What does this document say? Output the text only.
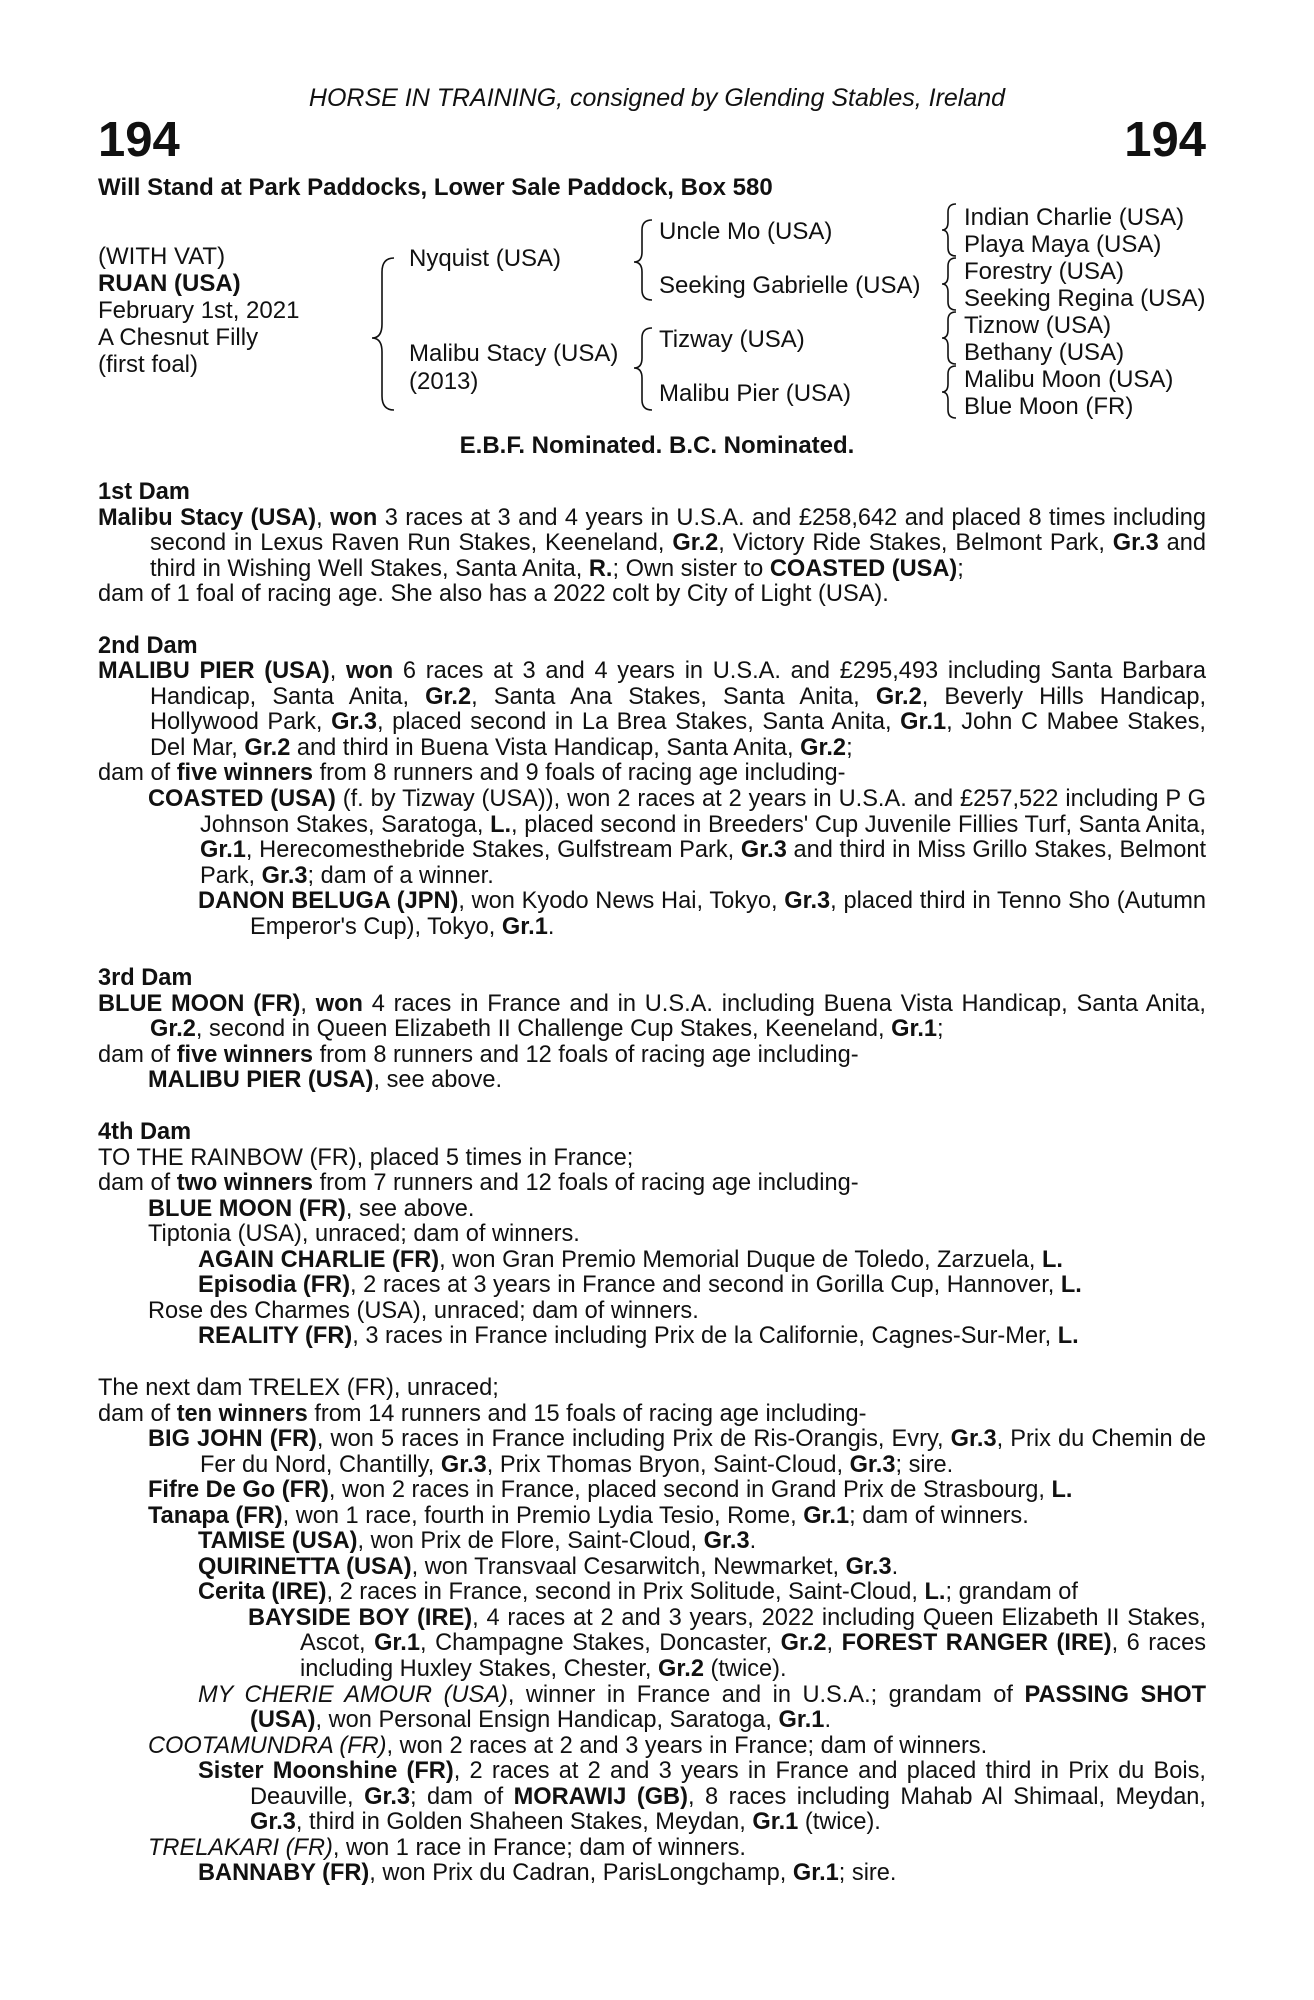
HORSE IN TRAINING, consigned by Glending Stables, Ireland
194	194
Will Stand at Park Paddocks, Lower Sale Paddock, Box 580
(WITH VAT)
RUAN (USA)
February 1st, 2021
A Chesnut Filly
(first foal)
Nyquist (USA)
Malibu Stacy (USA)
(2013)
Uncle Mo (USA)
Seeking Gabrielle (USA)
Tizway (USA)
Malibu Pier (USA)
Indian Charlie (USA)
Playa Maya (USA)
Forestry (USA)
Seeking Regina (USA)
Tiznow (USA)
Bethany (USA)
Malibu Moon (USA)
Blue Moon (FR)
E.B.F. Nominated. B.C. Nominated.
1st Dam
Malibu Stacy (USA), won 3 races at 3 and 4 years in U.S.A. and £258,642 and placed 8 times including second in Lexus Raven Run Stakes, Keeneland, Gr.2, Victory Ride Stakes, Belmont Park, Gr.3 and third in Wishing Well Stakes, Santa Anita, R.; Own sister to COASTED (USA);
dam of 1 foal of racing age. She also has a 2022 colt by City of Light (USA).
2nd Dam
MALIBU PIER (USA), won 6 races at 3 and 4 years in U.S.A. and £295,493 including Santa Barbara Handicap, Santa Anita, Gr.2, Santa Ana Stakes, Santa Anita, Gr.2, Beverly Hills Handicap, Hollywood Park, Gr.3, placed second in La Brea Stakes, Santa Anita, Gr.1, John C Mabee Stakes, Del Mar, Gr.2 and third in Buena Vista Handicap, Santa Anita, Gr.2;
dam of five winners from 8 runners and 9 foals of racing age including-
COASTED (USA) (f. by Tizway (USA)), won 2 races at 2 years in U.S.A. and £257,522 including P G Johnson Stakes, Saratoga, L., placed second in Breeders' Cup Juvenile Fillies Turf, Santa Anita, Gr.1, Herecomesthebride Stakes, Gulfstream Park, Gr.3 and third in Miss Grillo Stakes, Belmont Park, Gr.3; dam of a winner.
DANON BELUGA (JPN), won Kyodo News Hai, Tokyo, Gr.3, placed third in Tenno Sho (Autumn Emperor's Cup), Tokyo, Gr.1.
3rd Dam
BLUE MOON (FR), won 4 races in France and in U.S.A. including Buena Vista Handicap, Santa Anita, Gr.2, second in Queen Elizabeth II Challenge Cup Stakes, Keeneland, Gr.1;
dam of five winners from 8 runners and 12 foals of racing age including-
MALIBU PIER (USA), see above.
4th Dam
TO THE RAINBOW (FR), placed 5 times in France;
dam of two winners from 7 runners and 12 foals of racing age including-
BLUE MOON (FR), see above.
Tiptonia (USA), unraced; dam of winners.
AGAIN CHARLIE (FR), won Gran Premio Memorial Duque de Toledo, Zarzuela, L.
Episodia (FR), 2 races at 3 years in France and second in Gorilla Cup, Hannover, L.
Rose des Charmes (USA), unraced; dam of winners.
REALITY (FR), 3 races in France including Prix de la Californie, Cagnes-Sur-Mer, L.
The next dam TRELEX (FR), unraced;
dam of ten winners from 14 runners and 15 foals of racing age including-
BIG JOHN (FR), won 5 races in France including Prix de Ris-Orangis, Evry, Gr.3, Prix du Chemin de Fer du Nord, Chantilly, Gr.3, Prix Thomas Bryon, Saint-Cloud, Gr.3; sire.
Fifre De Go (FR), won 2 races in France, placed second in Grand Prix de Strasbourg, L.
Tanapa (FR), won 1 race, fourth in Premio Lydia Tesio, Rome, Gr.1; dam of winners.
TAMISE (USA), won Prix de Flore, Saint-Cloud, Gr.3.
QUIRINETTA (USA), won Transvaal Cesarwitch, Newmarket, Gr.3.
Cerita (IRE), 2 races in France, second in Prix Solitude, Saint-Cloud, L.; grandam of
BAYSIDE BOY (IRE), 4 races at 2 and 3 years, 2022 including Queen Elizabeth II Stakes, Ascot, Gr.1, Champagne Stakes, Doncaster, Gr.2, FOREST RANGER (IRE), 6 races including Huxley Stakes, Chester, Gr.2 (twice).
MY CHERIE AMOUR (USA), winner in France and in U.S.A.; grandam of PASSING SHOT (USA), won Personal Ensign Handicap, Saratoga, Gr.1.
COOTAMUNDRA (FR), won 2 races at 2 and 3 years in France; dam of winners.
Sister Moonshine (FR), 2 races at 2 and 3 years in France and placed third in Prix du Bois, Deauville, Gr.3; dam of MORAWIJ (GB), 8 races including Mahab Al Shimaal, Meydan, Gr.3, third in Golden Shaheen Stakes, Meydan, Gr.1 (twice).
TRELAKARI (FR), won 1 race in France; dam of winners.
BANNABY (FR), won Prix du Cadran, ParisLongchamp, Gr.1; sire.
